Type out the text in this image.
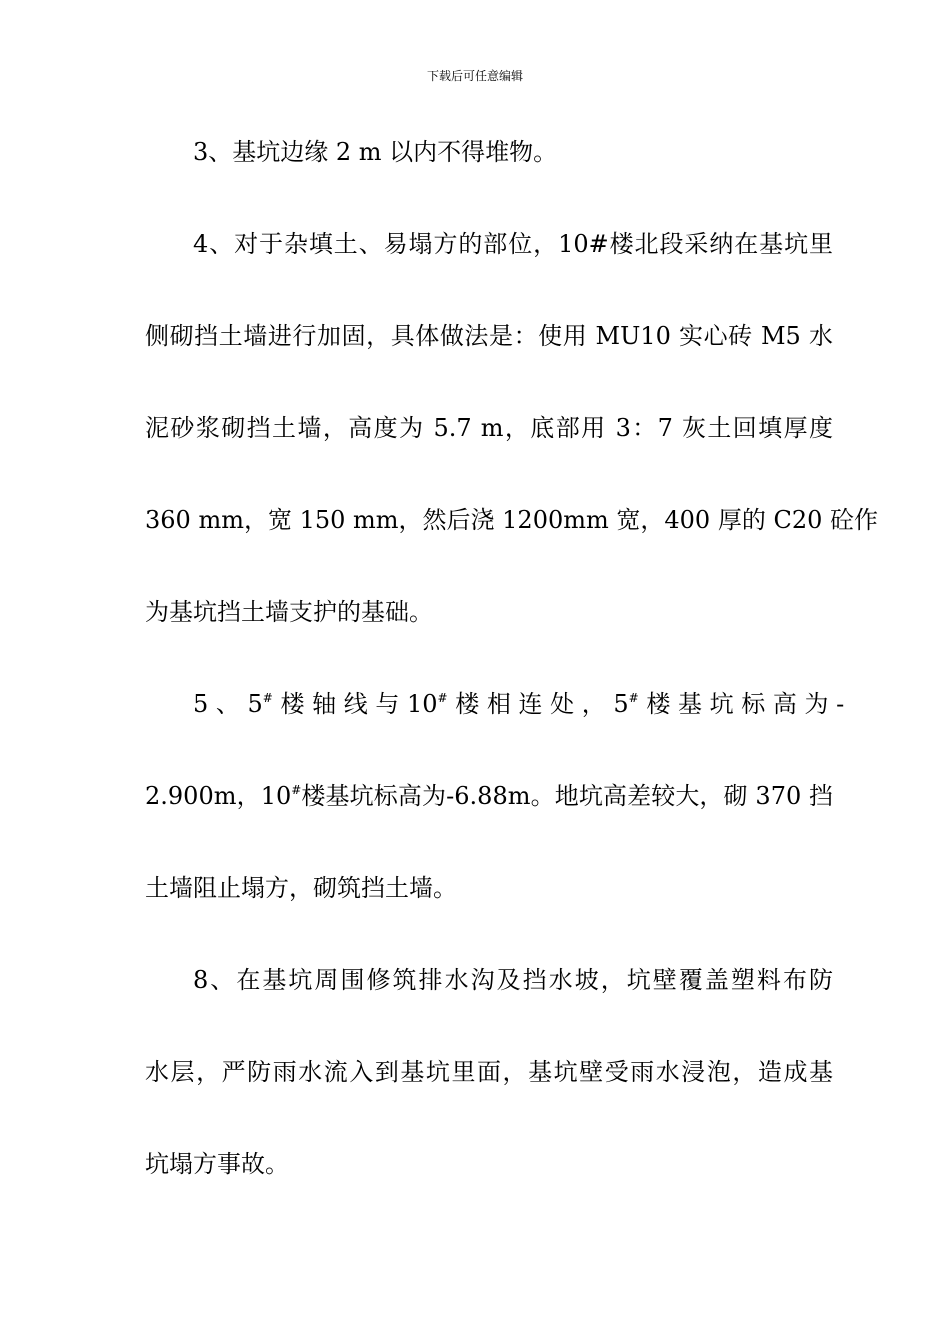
下载后可任意编辑
3、基坑边缘 2 m 以内不得堆物。
4、对于杂填土、易塌方的部位，10#楼北段采纳在基坑里
侧砌挡土墙进行加固，具体做法是：使用 MU10 实心砖 M5 水
泥砂浆砌挡土墙，高度为 5.7 m，底部用 3：7 灰土回填厚度
360 mm，宽 150 mm，然后浇 1200mm 宽，400 厚的 C20 砼作
为基坑挡土墙支护的基础。
5 、 5# 楼 轴 线 与 10# 楼 相 连 处 ， 5# 楼 基 坑 标 高 为 -
2.900m，10#楼基坑标高为-6.88m。地坑高差较大，砌 370 挡
土墙阻止塌方，砌筑挡土墙。
8、在基坑周围修筑排水沟及挡水坡，坑壁覆盖塑料布防
水层，严防雨水流入到基坑里面，基坑壁受雨水浸泡，造成基
坑塌方事故。
